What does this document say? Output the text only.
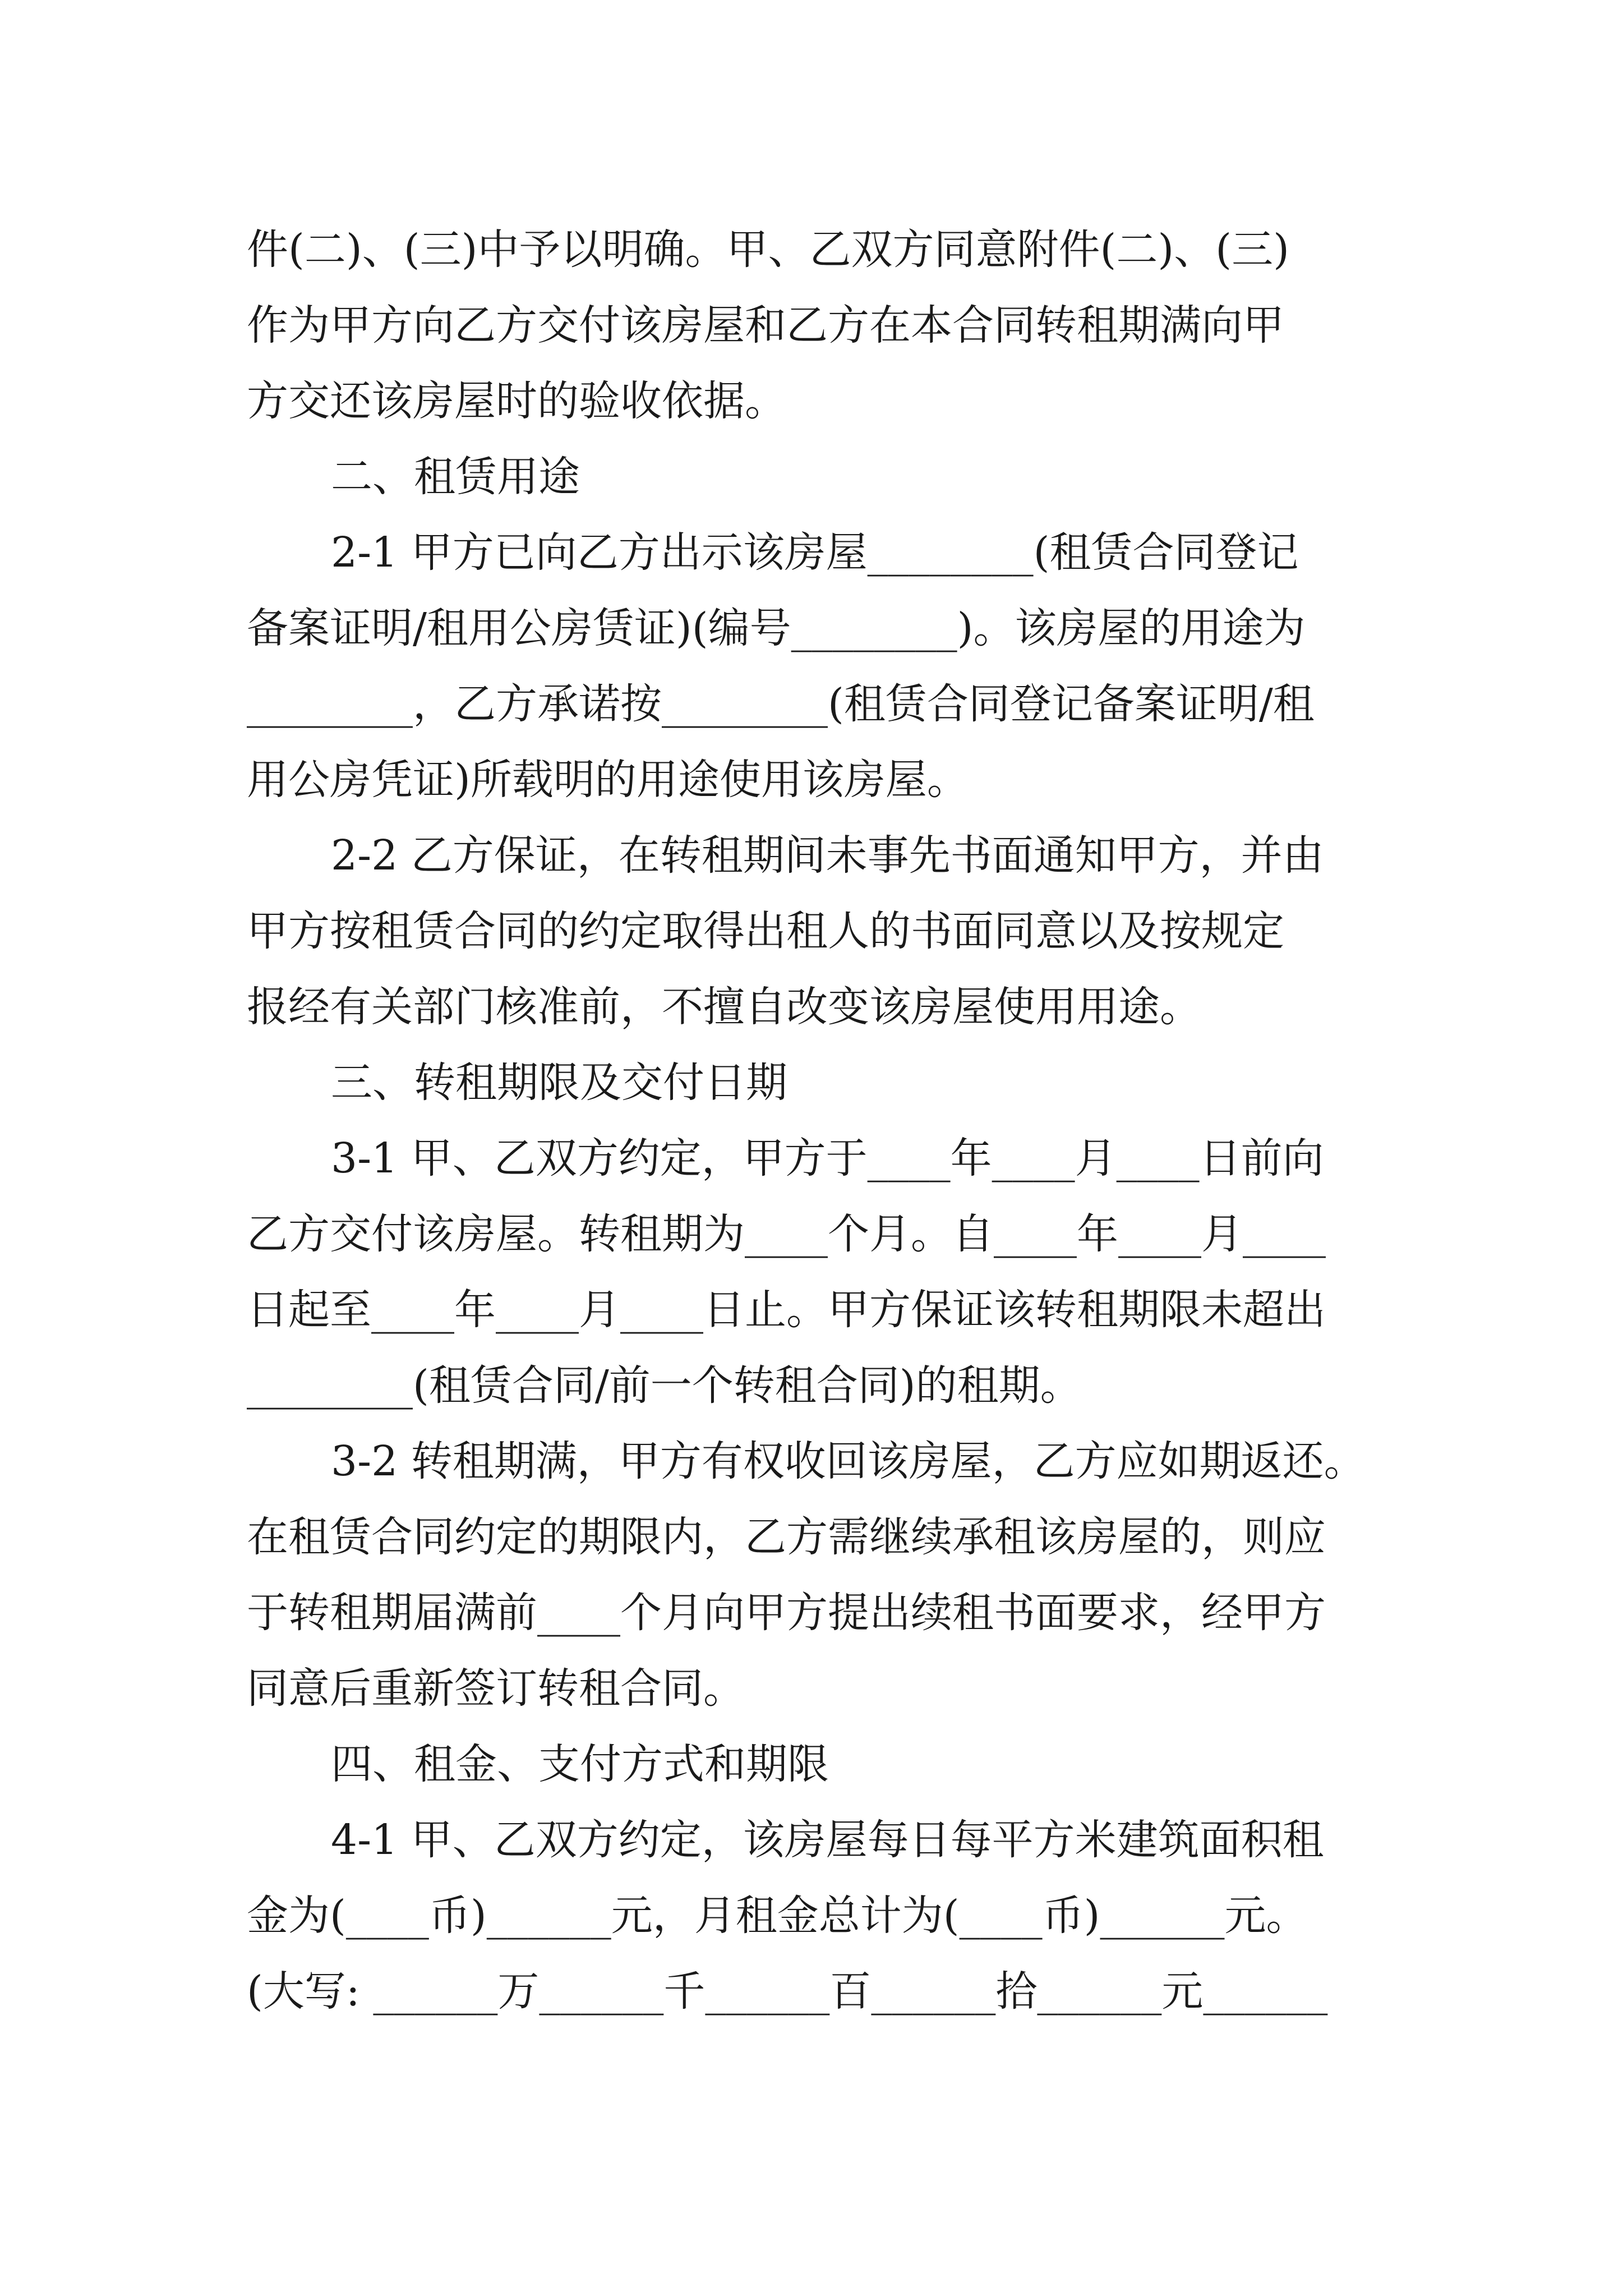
件(二)、(三)中予以明确。甲、乙双方同意附件(二)、(三)
作为甲方向乙方交付该房屋和乙方在本合同转租期满向甲
方交还该房屋时的验收依据。
二、租赁用途
2-1 甲方已向乙方出示该房屋________(租赁合同登记
备案证明/租用公房赁证)(编号________)。该房屋的用途为
________，乙方承诺按________(租赁合同登记备案证明/租
用公房凭证)所载明的用途使用该房屋。
2-2 乙方保证，在转租期间未事先书面通知甲方，并由
甲方按租赁合同的约定取得出租人的书面同意以及按规定
报经有关部门核准前，不擅自改变该房屋使用用途。
三、转租期限及交付日期
3-1 甲、乙双方约定，甲方于____年____月____日前向
乙方交付该房屋。转租期为____个月。自____年____月____
日起至____年____月____日止。甲方保证该转租期限未超出
________(租赁合同/前一个转租合同)的租期。
3-2 转租期满，甲方有权收回该房屋，乙方应如期返还。
在租赁合同约定的期限内，乙方需继续承租该房屋的，则应
于转租期届满前____个月向甲方提出续租书面要求，经甲方
同意后重新签订转租合同。
四、租金、支付方式和期限
4-1 甲、乙双方约定，该房屋每日每平方米建筑面积租
金为(____币)______元，月租金总计为(____币)______元。
(大写: ______万______千______百______拾______元______
